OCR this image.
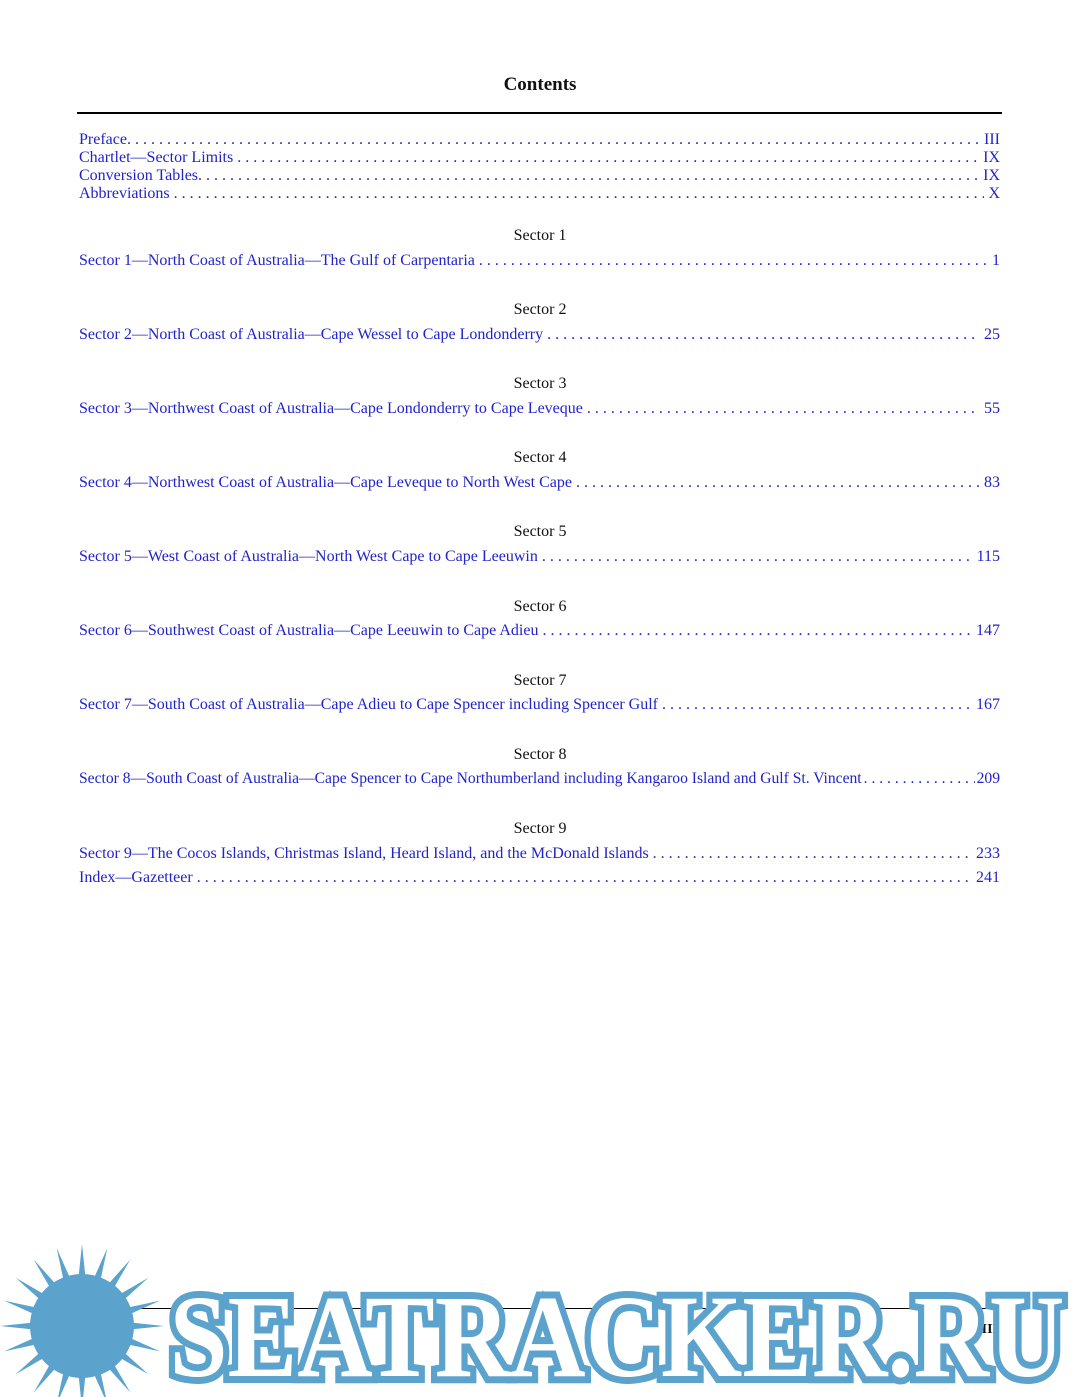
Contents
Preface. . . .	III
Chartlet—Sector Limits . . .	IX
Conversion Tables. . . .	IX
Abbreviations . . .	X
Sector 1
Sector 1—North Coast of Australia—The Gulf of Carpentaria . . .	1
Sector 2
Sector 2—North Coast of Australia—Cape Wessel to Cape Londonderry . . .	25
Sector 3
Sector 3—Northwest Coast of Australia—Cape Londonderry to Cape Leveque . . .	55
Sector 4
Sector 4—Northwest Coast of Australia—Cape Leveque to North West Cape . . .	83
Sector 5
Sector 5—West Coast of Australia—North West Cape to Cape Leeuwin . . .	115
Sector 6
Sector 6—Southwest Coast of Australia—Cape Leeuwin to Cape Adieu . . .	147
Sector 7
Sector 7—South Coast of Australia—Cape Adieu to Cape Spencer including Spencer Gulf . . .	167
Sector 8
Sector 8—South Coast of Australia—Cape Spencer to Cape Northumberland including Kangaroo Island and Gulf St. Vincent . . .	209
Sector 9
Sector 9—The Cocos Islands, Christmas Island, Heard Island, and the McDonald Islands . . .	233
Index—Gazetteer . . .	241
XIII
SEATRACKER.RU
